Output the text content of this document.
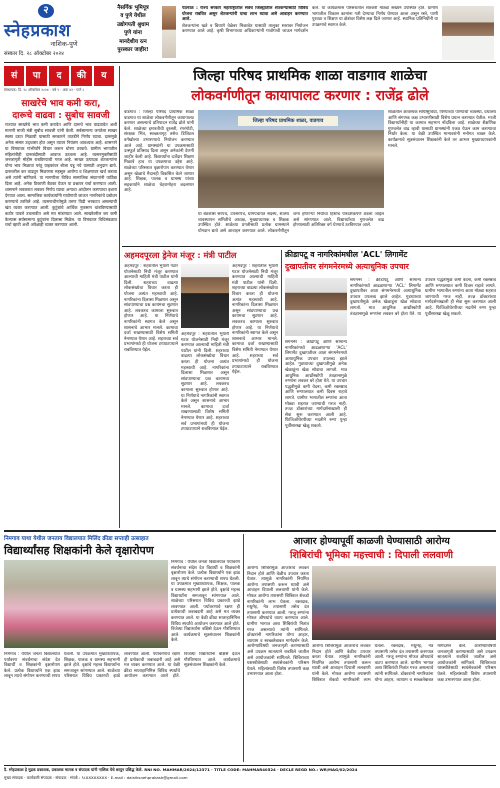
२
स्नेहप्रकाश
नाशिक-पुणे
संस्कार दि. २८ ऑक्टोबर २०२४
नैसर्गिक भूमिपूत्र
व पुणे येथील
उद्योगपती श्रुधाम
पुणे यांना
मानदेशीय रत्न
पुरस्कार जाहीर!

पेठनाळ : राज्य सरकार महाराष्ट्रातील सर्वच जिल्ह्यातील शेतकऱ्यांसाठी विविध योजना राबवित असून शेतकऱ्यांनी याचा लाभ घ्यावा असे आवाहन करण्यात आले.

शेतकऱ्यांना खते व बियाणे वेळेवर मिळावेत यासाठी तालुका स्तरावर नियोजन करण्यात आले आहे. कृषी विभागाच्या अधिकाऱ्यांनी गावोगावी जाऊन मार्गदर्शन केले. या कार्यक्रमास परिसरातील शेतकरी मोठ्या संख्येने उपस्थित होते. ग्रामीण भागातील विकास कामांना गती देण्याचा निर्णय घेण्यात आला असून रस्ते, पाणी पुरवठा व शिक्षण या क्षेत्रांवर विशेष लक्ष दिले जाणार आहे. स्थानिक प्रतिनिधींनी या उपक्रमाचे स्वागत केले.

सं	पा	द	की	य
संस्थापक: दि. २८ ऑक्टोबर २०२४ · वर्ष ९ · अंक ४२ · पाने ८
साखरेचे भाव कमी करा,
दारूचे वाढवा : सुबोध सावजी
राज्यात साखरेचे भाव कमी करावेत आणि दारूचे भाव वाढवावेत अशी मागणी माजी मंत्री सुबोध सावजी यांनी केली. सर्वसामान्य जनतेला साखर स्वस्त दरात मिळावी यासाठी सरकारने तातडीने निर्णय घ्यावा. दारूमुळे अनेक संसार उद्ध्वस्त होत असून त्यावर नियंत्रण आवश्यक आहे. शासनाने या विषयावर गांभीर्याने विचार करून धोरण ठरवावे. ग्रामीण भागातील महिलांनीही दारूबंदीसाठी आवाज उठवला आहे. व्यसनमुक्तीसाठी जनजागृती मोहीम राबविण्याची गरज आहे. साखर उत्पादक शेतकऱ्यांना योग्य भाव मिळावा परंतु ग्राहकांवर बोजा पडू नये यासाठी अनुदान द्यावे. दारूवरील कर वाढवून मिळणारा महसूल आरोग्य व शिक्षणावर खर्च करावा असे त्यांनी सांगितले. या मागणीला विविध सामाजिक संघटनांनी पाठिंबा दिला आहे. अनेक ठिकाणी बैठका घेऊन या प्रश्नावर चर्चा करण्यात आली. शासनाने लवकरात लवकर निर्णय घ्यावा अन्यथा आंदोलन करण्याचा इशारा देण्यात आला. सामाजिक कार्यकर्त्यांनी गावोगावी जाऊन नागरिकांचे प्रबोधन करण्याचे ठरविले आहे. व्यसनाधीनतेमुळे तरुण पिढी भरकटत असल्याची खंत व्यक्त करण्यात आली. कुटुंबांचे आर्थिक नुकसान थांबविण्यासाठी कठोर पावले उचलावीत असे मत मांडण्यात आले. साखरेवरील कर कमी केल्यास सर्वसामान्य कुटुंबांना दिलासा मिळेल. या विषयावर विधिमंडळात चर्चा व्हावी अशी अपेक्षाही व्यक्त करण्यात आली.
जिल्हा परिषद प्राथमिक शाळा वाडगाव शाळेचा
लोकवर्गणीतून कायापालट करणार : राजेंद्र ढोले
वाडगाव : जिल्हा परिषद प्राथमिक शाळा वाडगाव या शाळेचा लोकवर्गणीतून कायापालट करणार असल्याचे प्रतिपादन राजेंद्र ढोले यांनी केले. शाळेच्या इमारतीची दुरुस्ती, रंगरंगोटी, संरक्षक भिंत, स्वच्छतागृह तसेच डिजिटल वर्गखोल्या उभारण्याचे नियोजन करण्यात आले आहे. ग्रामस्थांनी या उपक्रमासाठी उत्स्फूर्त प्रतिसाद दिला असून अनेकांनी देणगी जाहीर केली आहे. विद्यार्थ्यांना दर्जेदार शिक्षण मिळावे हाच या उपक्रमाचा उद्देश आहे. शाळेच्या परिसरात वृक्षारोपण करण्यात येणार असून खेळाचे मैदानही विकसित केले जाणार आहे. शिक्षक, पालक व ग्रामस्थ यांच्या सहकार्याने शाळेचा चेहरामोहरा बदलणार आहे.
जिल्हा परिषद प्राथमिक शाळा, वाडगाव
या बैठकीस सरपंच, उपसरपंच, ग्रामपंचायत सदस्य, शालेय व्यवस्थापन समितीचे अध्यक्ष, मुख्याध्यापक व शिक्षक उपस्थित होते. शाळेच्या प्रगतीसाठी प्रत्येक ग्रामस्थाने योगदान द्यावे असे आवाहन करण्यात आले. लोकवर्गणीतून जमा होणाऱ्या निधीचा हिशोब पारदर्शकपणे ठेवला जाईल असे सांगण्यात आले. विद्यार्थ्यांच्या गुणवत्तेत वाढ होण्यासाठी अतिरिक्त वर्ग घेण्याचे ठरविण्यात आले.
शाळेतील आवश्यक सोयीसुविधा, पिण्याच्या पाण्याची व्यवस्था, ग्रंथालय आणि संगणक कक्ष उभारणीसाठी विशेष प्रयत्न करण्यात येतील. माजी विद्यार्थ्यांनीही या कामात सहभाग नोंदविला आहे. शाळेच्या शैक्षणिक गुणवत्तेत वाढ व्हावी यासाठी ग्रामस्थांनी एकत्र येऊन काम करण्याचा निर्धार केला. या वेळी उपस्थित मान्यवरांनी मनोगत व्यक्त केले. कार्यक्रमाचे सूत्रसंचालन शिक्षकांनी केले तर आभार मुख्याध्यापकांनी मानले.
अहमदपूरला ड्रेनेज मंजूर : मंत्री पाटील
अहमदपूर : शहरातील भुयारी गटार योजनेसाठी निधी मंजूर करण्यात आल्याची माहिती मंत्री पाटील यांनी दिली. शहराच्या वाढत्या लोकसंख्येचा विचार करता ही योजना अत्यंत महत्त्वाची आहे. नागरिकांना दिलासा मिळणार असून सांडपाण्याचा प्रश्न कायमचा सुटणार आहे. लवकरच कामाला सुरुवात होणार आहे. या निर्णयाचे नागरिकांनी स्वागत केले असून शासनाचे आभार मानले. कामाचा दर्जा राखण्यासाठी विशेष समिती नेमण्यात येणार आहे. शहराच्या सर्व प्रभागांमध्ये ही योजना टप्प्याटप्प्याने राबविण्यात येईल.
अहमदपूर : शहरातील भुयारी गटार योजनेसाठी निधी मंजूर करण्यात आल्याची माहिती मंत्री पाटील यांनी दिली. शहराच्या वाढत्या लोकसंख्येचा विचार करता ही योजना अत्यंत महत्त्वाची आहे. नागरिकांना दिलासा मिळणार असून सांडपाण्याचा प्रश्न कायमचा सुटणार आहे. लवकरच कामाला सुरुवात होणार आहे. या निर्णयाचे नागरिकांनी स्वागत केले असून शासनाचे आभार मानले. कामाचा दर्जा राखण्यासाठी विशेष समिती नेमण्यात येणार आहे. शहराच्या सर्व प्रभागांमध्ये ही योजना टप्प्याटप्प्याने राबविण्यात येईल.
अहमदपूर : शहरातील भुयारी गटार योजनेसाठी निधी मंजूर करण्यात आल्याची माहिती मंत्री पाटील यांनी दिली. शहराच्या वाढत्या लोकसंख्येचा विचार करता ही योजना अत्यंत महत्त्वाची आहे. नागरिकांना दिलासा मिळणार असून सांडपाण्याचा प्रश्न कायमचा सुटणार आहे. लवकरच कामाला सुरुवात होणार आहे. या निर्णयाचे नागरिकांनी स्वागत केले असून शासनाचे आभार मानले. कामाचा दर्जा राखण्यासाठी विशेष समिती नेमण्यात येणार आहे. शहराच्या सर्व प्रभागांमध्ये ही योजना टप्प्याटप्प्याने राबविण्यात येईल.
क्रीडापटू व नागरिकांमधील 'ACL' लिगामेंट
दुखापतीवर संगमनेरमध्ये अत्याधुनिक उपचार
संगमनेर : क्रीडापटू आणि सामान्य नागरिकांमध्ये आढळणाऱ्या 'ACL' लिगामेंट दुखापतीवर आता संगमनेरमध्ये अत्याधुनिक उपचार उपलब्ध झाले आहेत. गुडघ्याच्या दुखापतीमुळे अनेक खेळाडूंना खेळ सोडावा लागतो. मात्र आधुनिक आर्थ्रोस्कोपी तंत्रज्ञानामुळे रुग्णांना लवकर बरे होता येते. या उपचार पद्धतीमुळे कमी वेदना, कमी रक्तस्राव आणि रुग्णालयात कमी दिवस राहावे लागते. ग्रामीण भागातील रुग्णांना आता मोठ्या शहरात जाण्याची गरज नाही. तज्ज्ञ डॉक्टरांच्या मार्गदर्शनाखाली ही सेवा सुरू करण्यात आली आहे. फिजिओथेरपीच्या मदतीने रुग्ण पुन्हा पूर्वीसारखा खेळू शकतो.
संगमनेर : क्रीडापटू आणि सामान्य नागरिकांमध्ये आढळणाऱ्या 'ACL' लिगामेंट दुखापतीवर आता संगमनेरमध्ये अत्याधुनिक उपचार उपलब्ध झाले आहेत. गुडघ्याच्या दुखापतीमुळे अनेक खेळाडूंना खेळ सोडावा लागतो. मात्र आधुनिक आर्थ्रोस्कोपी तंत्रज्ञानामुळे रुग्णांना लवकर बरे होता येते. या उपचार पद्धतीमुळे कमी वेदना, कमी रक्तस्राव आणि रुग्णालयात कमी दिवस राहावे लागते. ग्रामीण भागातील रुग्णांना आता मोठ्या शहरात जाण्याची गरज नाही. तज्ज्ञ डॉक्टरांच्या मार्गदर्शनाखाली ही सेवा सुरू करण्यात आली आहे. फिजिओथेरपीच्या मदतीने रुग्ण पुन्हा पूर्वीसारखा खेळू शकतो.
निमगाव याथा येथील जनताय विद्यालयात मिलिंद क्रीडा सप्ताही उत्साहात
विद्यार्थ्यांसह शिक्षकांनी केले वृक्षारोपण
निमगाव : येथील जनता विद्यालयात पर्यावरण संवर्धनाचा संदेश देत विद्यार्थी व शिक्षकांनी वृक्षारोपण केले. प्रत्येक विद्यार्थ्याने एक झाड लावून त्याचे संगोपन करण्याची शपथ घेतली. या उपक्रमात मुख्याध्यापक, शिक्षक, पालक व ग्रामस्थ सहभागी झाले होते. वृक्षांचे महत्त्व विद्यार्थ्यांना समजावून सांगण्यात आले. शाळेच्या परिसरात विविध प्रकारची झाडे लावण्यात आली. पर्यावरणाचे रक्षण ही प्रत्येकाची जबाबदारी आहे असे मत व्यक्त करण्यात आले. या वेळी क्रीडा सप्ताहानिमित्त विविध स्पर्धांचे आयोजन करण्यात आले होते. विजेत्या विद्यार्थ्यांना बक्षिसे देऊन गौरविण्यात आले. कार्यक्रमाचे सूत्रसंचालन शिक्षकांनी केले.
निमगाव : येथील जनता विद्यालयात पर्यावरण संवर्धनाचा संदेश देत विद्यार्थी व शिक्षकांनी वृक्षारोपण केले. प्रत्येक विद्यार्थ्याने एक झाड लावून त्याचे संगोपन करण्याची शपथ घेतली. या उपक्रमात मुख्याध्यापक, शिक्षक, पालक व ग्रामस्थ सहभागी झाले होते. वृक्षांचे महत्त्व विद्यार्थ्यांना समजावून सांगण्यात आले. शाळेच्या परिसरात विविध प्रकारची झाडे लावण्यात आली. पर्यावरणाचे रक्षण ही प्रत्येकाची जबाबदारी आहे असे मत व्यक्त करण्यात आले. या वेळी क्रीडा सप्ताहानिमित्त विविध स्पर्धांचे आयोजन करण्यात आले होते. विजेत्या विद्यार्थ्यांना बक्षिसे देऊन गौरविण्यात आले. कार्यक्रमाचे सूत्रसंचालन शिक्षकांनी केले.
आजार होण्यापूर्वी काळजी घेण्यासाठी आरोग्य
शिबिरांची भूमिका महत्त्वाची : दिपाली ललवाणी
आरोग्य शिबिरांमुळे आजारांचे लवकर निदान होते आणि वेळीच उपचार करता येतात. त्यामुळे नागरिकांनी नियमित आरोग्य तपासणी करून घ्यावी असे आवाहन दिपाली ललवाणी यांनी केले. मोफत आरोग्य तपासणी शिबिरात शेकडो नागरिकांनी लाभ घेतला. रक्तदाब, मधुमेह, नेत्र तपासणी तसेच दंत तपासणी करण्यात आली. गरजू रुग्णांना मोफत औषधांचे वाटप करण्यात आले. ग्रामीण भागात अशा शिबिरांची नितांत गरज असल्याचे त्यांनी सांगितले. डॉक्टरांनी नागरिकांना योग्य आहार, व्यायाम व स्वच्छतेबाबत मार्गदर्शन केले. आरोग्याविषयी जनजागृती करण्यासाठी असे उपक्रम सातत्याने राबविले जातील असे आयोजकांनी सांगितले. शिबिराच्या यशस्वीतेसाठी स्वयंसेवकांनी परिश्रम घेतले. महिलांसाठी विशेष तपासणी कक्ष उभारण्यात आला होता.
आरोग्य शिबिरांमुळे आजारांचे लवकर निदान होते आणि वेळीच उपचार करता येतात. त्यामुळे नागरिकांनी नियमित आरोग्य तपासणी करून घ्यावी असे आवाहन दिपाली ललवाणी यांनी केले. मोफत आरोग्य तपासणी शिबिरात शेकडो नागरिकांनी लाभ घेतला. रक्तदाब, मधुमेह, नेत्र तपासणी तसेच दंत तपासणी करण्यात आली. गरजू रुग्णांना मोफत औषधांचे वाटप करण्यात आले. ग्रामीण भागात अशा शिबिरांची नितांत गरज असल्याचे त्यांनी सांगितले. डॉक्टरांनी नागरिकांना योग्य आहार, व्यायाम व स्वच्छतेबाबत मार्गदर्शन केले. आरोग्याविषयी जनजागृती करण्यासाठी असे उपक्रम सातत्याने राबविले जातील असे आयोजकांनी सांगितले. शिबिराच्या यशस्वीतेसाठी स्वयंसेवकांनी परिश्रम घेतले. महिलांसाठी विशेष तपासणी कक्ष उभारण्यात आला होता.
दै. स्नेहप्रकाश हे मुद्रक प्रकाशक, प्रकाशक मालक व संपादक यांनी नाशिक येथे छापून प्रसिद्ध केले. RNI NO. MAHMAR/2024/12371 · TITLE CODE: MAHMAR40524 · DECLE REGD NO.: WR/MAG/02/2024
मुख्य संपादक · कार्यकारी संपादक · संपादक · संपर्क : ९८XXXXXXXX · E-mail : dainiksnehprakash@gmail.com
